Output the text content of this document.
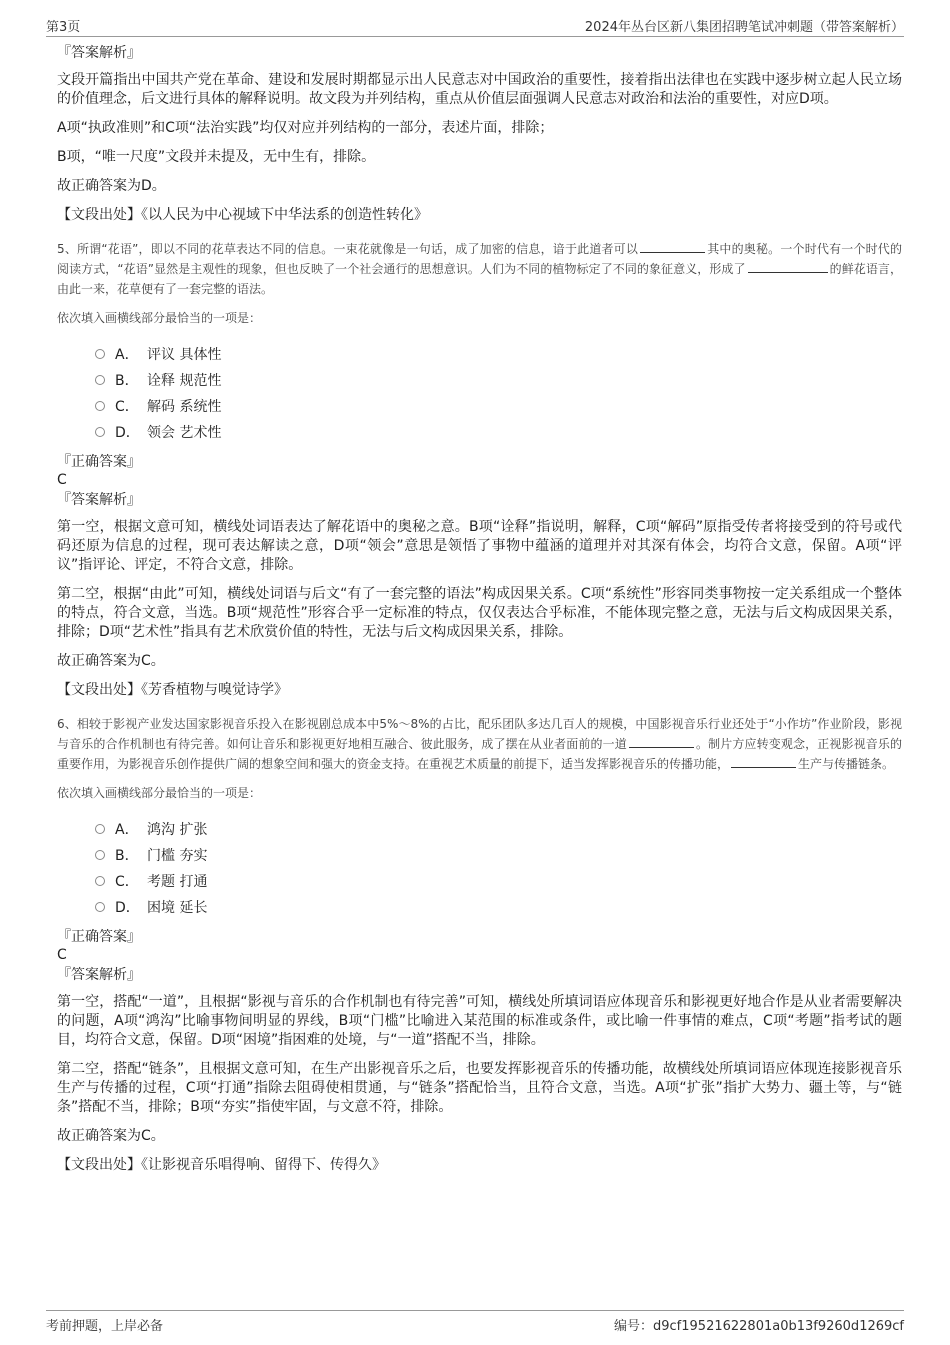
第3页	2024年丛台区新八集团招聘笔试冲刺题（带答案解析）
『答案解析』

文段开篇指出中国共产党在革命、建设和发展时期都显示出人民意志对中国政治的重要性，接着指出法律也在实践中逐步树立起人民立场的价值理念，后文进行具体的解释说明。故文段为并列结构，重点从价值层面强调人民意志对政治和法治的重要性，对应D项。

A项“执政准则”和C项“法治实践”均仅对应并列结构的一部分，表述片面，排除；

B项，“唯一尺度”文段并未提及，无中生有，排除。

故正确答案为D。

【文段出处】《以人民为中心视域下中华法系的创造性转化》

5、所谓“花语”，即以不同的花草表达不同的信息。一束花就像是一句话，成了加密的信息，谙于此道者可以	其中的奥秘。一个时代有一个时代的阅读方式，“花语”显然是主观性的现象，但也反映了一个社会通行的思想意识。人们为不同的植物标定了不同的象征意义，形成了	的鲜花语言，由此一来，花草便有了一套完整的语法。
依次填入画横线部分最恰当的一项是：
A． 评议 具体性
B． 诠释 规范性
C． 解码 系统性
D． 领会 艺术性
『正确答案』
C
『答案解析』

第一空，根据文意可知，横线处词语表达了解花语中的奥秘之意。B项“诠释”指说明，解释，C项“解码”原指受传者将接受到的符号或代码还原为信息的过程，现可表达解读之意，D项“领会”意思是领悟了事物中蕴涵的道理并对其深有体会，均符合文意，保留。A项“评议”指评论、评定，不符合文意，排除。

第二空，根据“由此”可知，横线处词语与后文“有了一套完整的语法”构成因果关系。C项“系统性”形容同类事物按一定关系组成一个整体的特点，符合文意，当选。B项“规范性”形容合乎一定标准的特点，仅仅表达合乎标准，不能体现完整之意，无法与后文构成因果关系，排除；D项“艺术性”指具有艺术欣赏价值的特性，无法与后文构成因果关系，排除。

故正确答案为C。

【文段出处】《芳香植物与嗅觉诗学》

6、相较于影视产业发达国家影视音乐投入在影视剧总成本中5%～8%的占比，配乐团队多达几百人的规模，中国影视音乐行业还处于“小作坊”作业阶段，影视与音乐的合作机制也有待完善。如何让音乐和影视更好地相互融合、彼此服务，成了摆在从业者面前的一道	。制片方应转变观念，正视影视音乐的重要作用，为影视音乐创作提供广阔的想象空间和强大的资金支持。在重视艺术质量的前提下，适当发挥影视音乐的传播功能，	生产与传播链条。
依次填入画横线部分最恰当的一项是：
A． 鸿沟 扩张
B． 门槛 夯实
C． 考题 打通
D． 困境 延长
『正确答案』
C
『答案解析』

第一空，搭配“一道”，且根据“影视与音乐的合作机制也有待完善”可知，横线处所填词语应体现音乐和影视更好地合作是从业者需要解决的问题，A项“鸿沟”比喻事物间明显的界线，B项“门槛”比喻进入某范围的标准或条件，或比喻一件事情的难点，C项“考题”指考试的题目，均符合文意，保留。D项“困境”指困难的处境，与“一道”搭配不当，排除。

第二空，搭配“链条”，且根据文意可知，在生产出影视音乐之后，也要发挥影视音乐的传播功能，故横线处所填词语应体现连接影视音乐生产与传播的过程，C项“打通”指除去阻碍使相贯通，与“链条”搭配恰当，且符合文意，当选。A项“扩张”指扩大势力、疆土等，与“链条”搭配不当，排除；B项“夯实”指使牢固，与文意不符，排除。

故正确答案为C。

【文段出处】《让影视音乐唱得响、留得下、传得久》

考前押题，上岸必备	编号：d9cf19521622801a0b13f9260d1269cf
